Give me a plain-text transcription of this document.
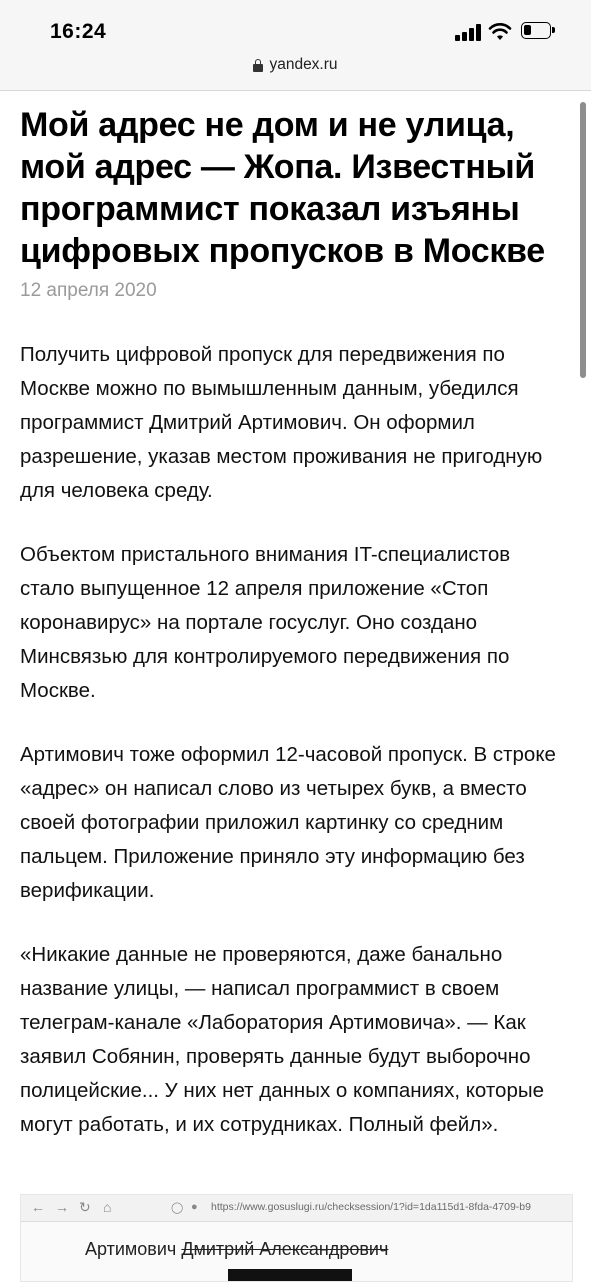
16:24
yandex.ru
Мой адрес не дом и не улица, мой адрес — Жопа. Известный программист показал изъяны цифровых пропусков в Москве
12 апреля 2020

Получить цифровой пропуск для передвижения по Москве можно по вымышленным данным, убедился программист Дмитрий Артимович. Он оформил разрешение, указав местом проживания не пригодную для человека среду.

Объектом пристального внимания IT-специалистов стало выпущенное 12 апреля приложение «Стоп коронавирус» на портале госуслуг. Оно создано Минсвязью для контролируемого передвижения по Москве.

Артимович тоже оформил 12-часовой пропуск. В строке «адрес» он написал слово из четырех букв, а вместо своей фотографии приложил картинку со средним пальцем. Приложение приняло эту информацию без верификации.

«Никакие данные не проверяются, даже банально название улицы, — написал программист в своем телеграм-канале «Лаборатория Артимовича». — Как заявил Собянин, проверять данные будут выборочно полицейские... У них нет данных о компаниях, которые могут работать, и их сотрудниках. Полный фейл».

← → ↻ ⌂	◯ ● https://www.gosuslugi.ru/checksession/1?id=1da115d1-8fda-4709-b9
Артимович Дмитрий Александрович
